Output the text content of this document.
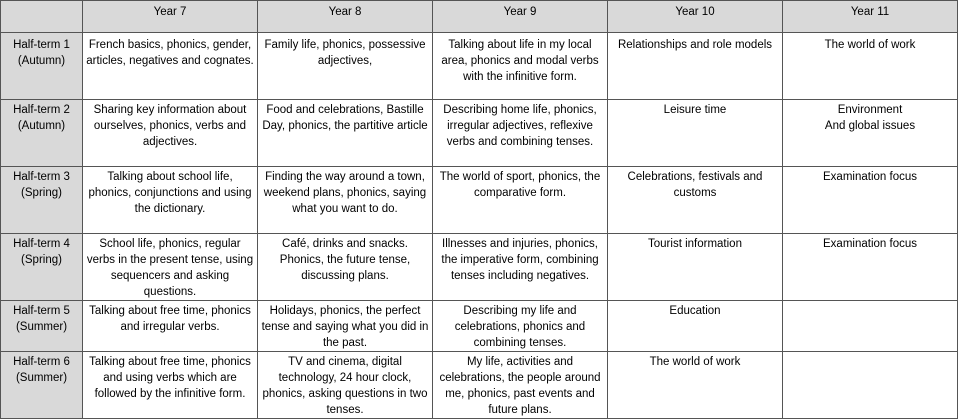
	Year 7	Year 8	Year 9	Year 10	Year 11

Half-term 1
(Autumn)	French basics, phonics, gender, articles, negatives and cognates.	Family life, phonics, possessive adjectives,	Talking about life in my local area, phonics and modal verbs with the infinitive form.	Relationships and role models	The world of work

Half-term 2
(Autumn)	Sharing key information about ourselves, phonics, verbs and adjectives.	Food and celebrations, Bastille Day, phonics, the partitive article	Describing home life, phonics, irregular adjectives, reflexive verbs and combining tenses.	Leisure time	Environment
And global issues

Half-term 3
(Spring)	Talking about school life, phonics, conjunctions and using the dictionary.	Finding the way around a town, weekend plans, phonics, saying what you want to do.	The world of sport, phonics, the comparative form.	Celebrations, festivals and customs	Examination focus

Half-term 4
(Spring)	School life, phonics, regular verbs in the present tense, using sequencers and asking questions.	Café, drinks and snacks. Phonics, the future tense, discussing plans.	Illnesses and injuries, phonics, the imperative form, combining tenses including negatives.	Tourist information	Examination focus

Half-term 5
(Summer)	Talking about free time, phonics and irregular verbs.	Holidays, phonics, the perfect tense and saying what you did in the past.	Describing my life and celebrations, phonics and combining tenses.	Education	

Half-term 6
(Summer)	Talking about free time, phonics and using verbs which are followed by the infinitive form.	TV and cinema, digital technology, 24 hour clock, phonics, asking questions in two tenses.	My life, activities and celebrations, the people around me, phonics, past events and future plans.	The world of work	
